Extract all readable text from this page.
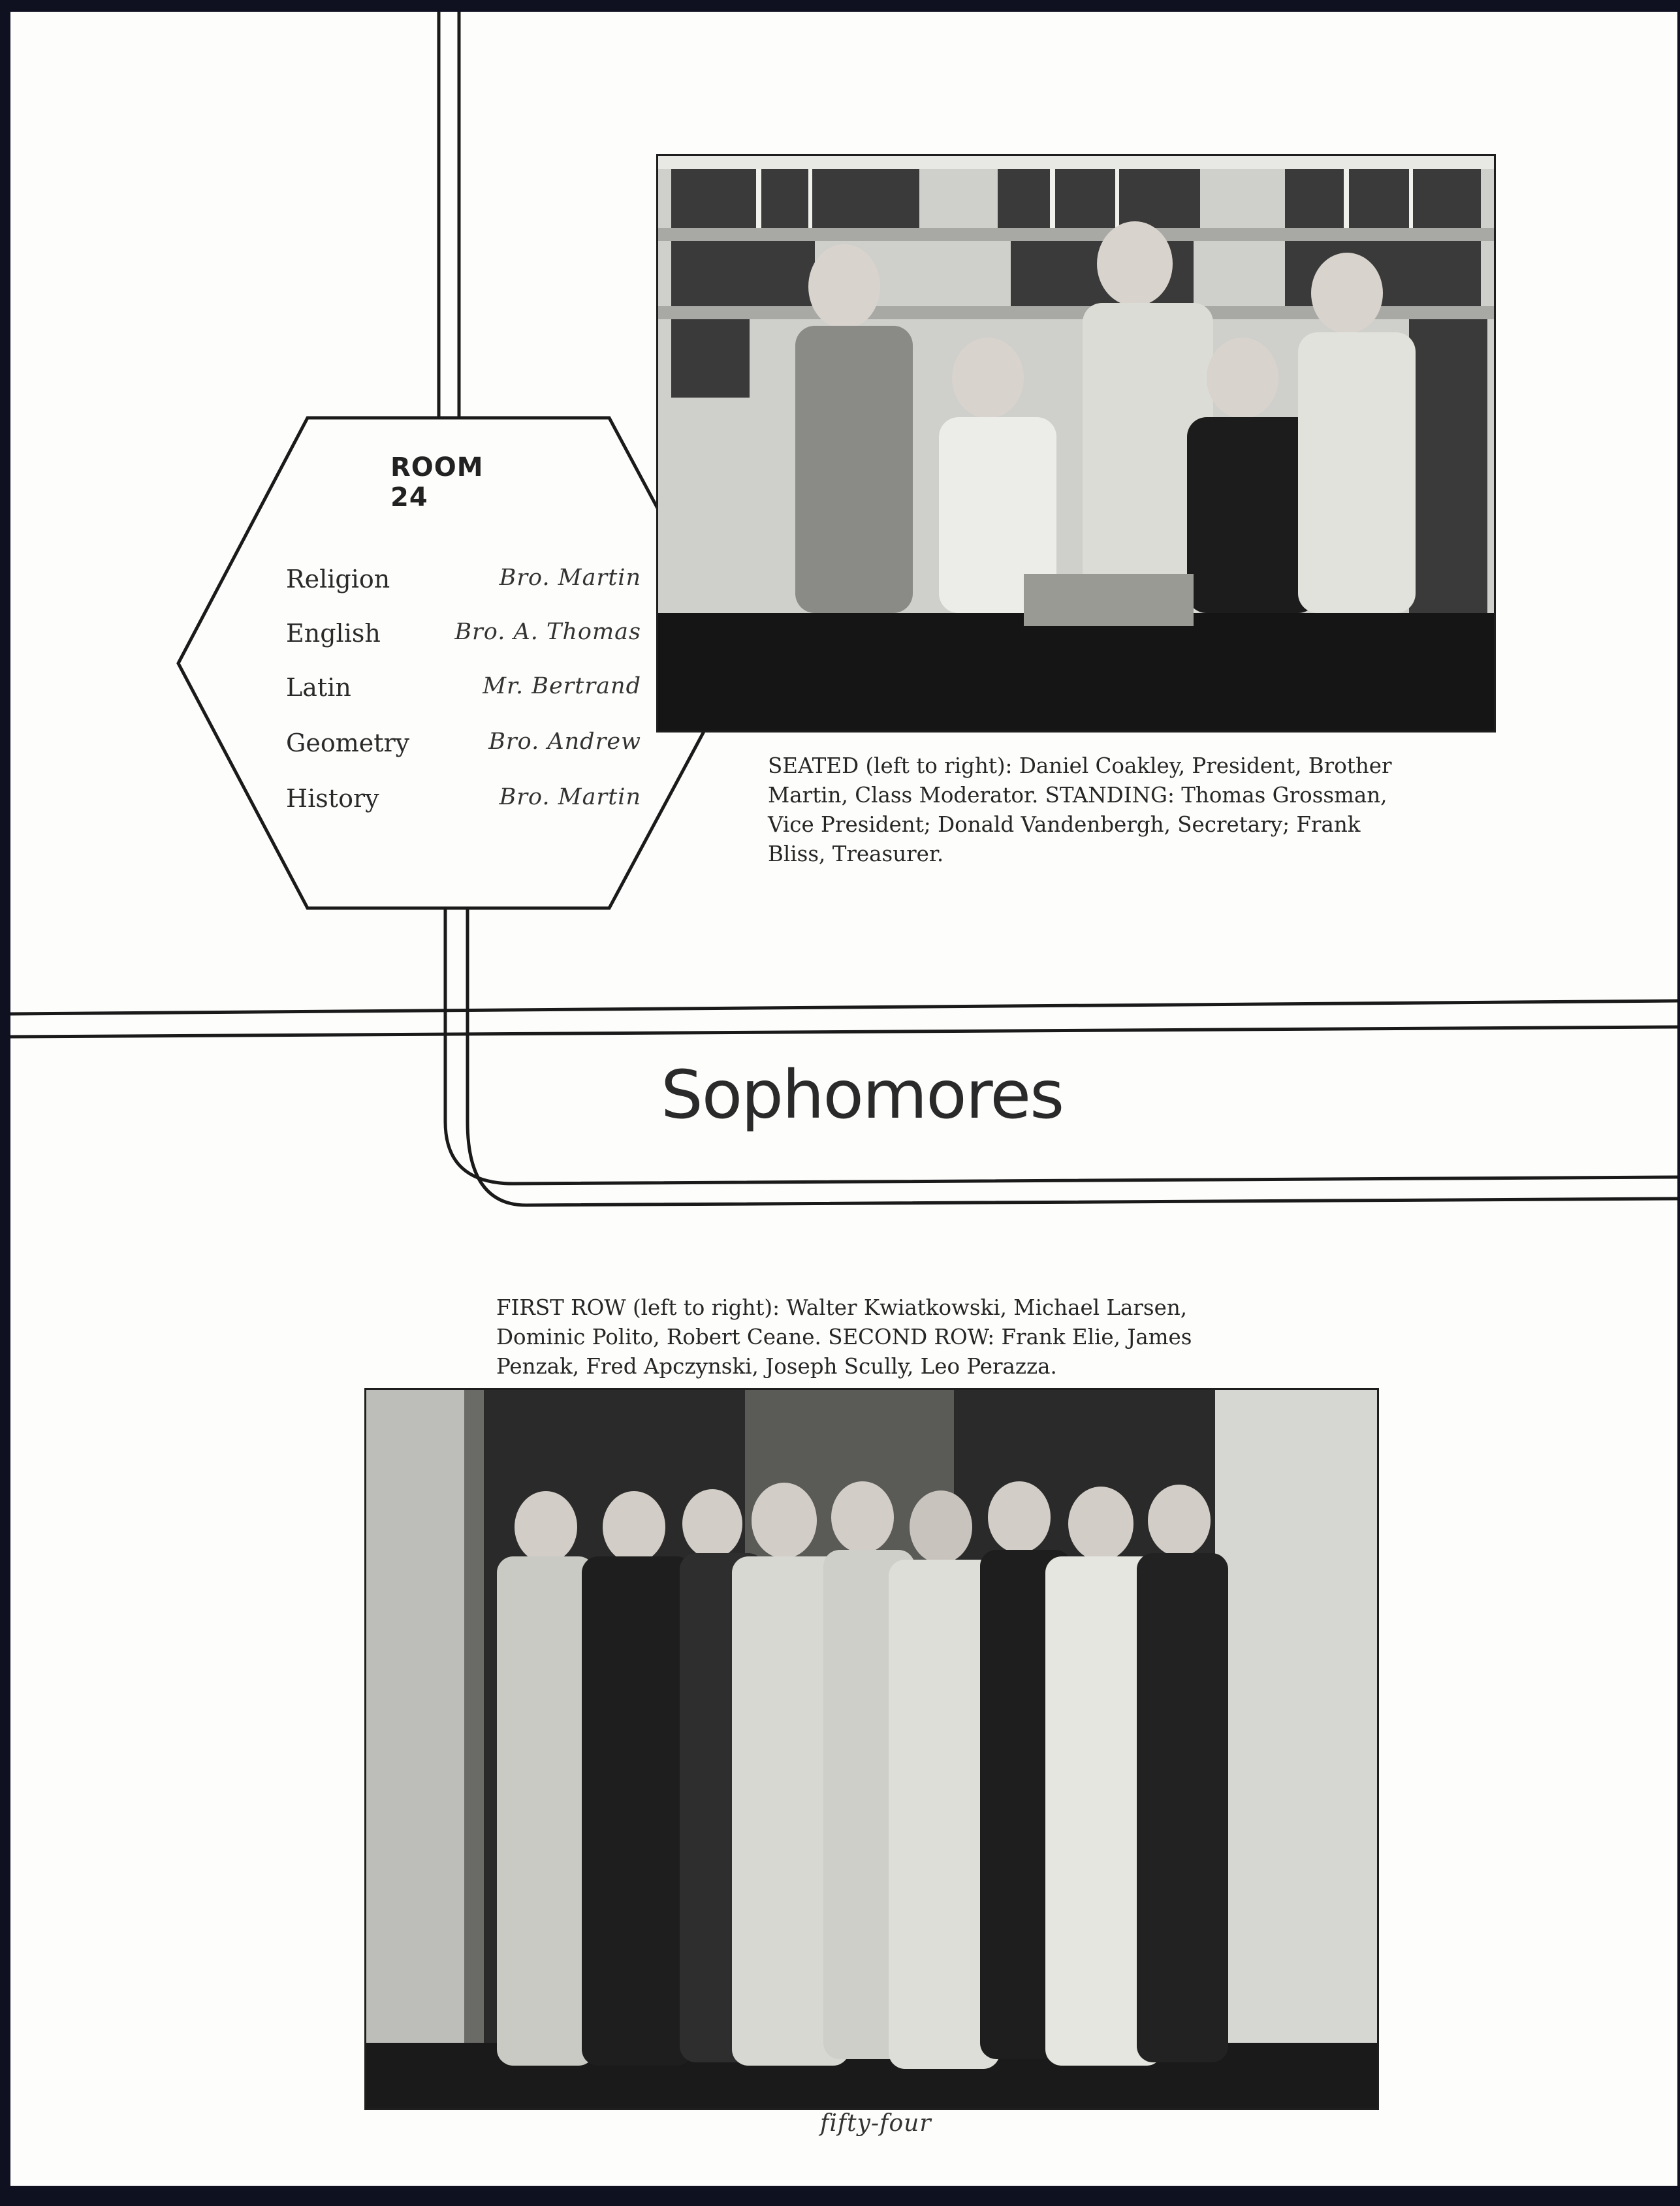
ROOM 24
Religion	Bro. Martin
English	Bro. A. Thomas
Latin	Mr. Bertrand
Geometry	Bro. Andrew
History	Bro. Martin
SEATED (left to right): Daniel Coakley, President, Brother
Martin, Class Moderator. STANDING: Thomas Grossman,
Vice President; Donald Vandenbergh, Secretary; Frank
Bliss, Treasurer.
Sophomores
FIRST ROW (left to right): Walter Kwiatkowski, Michael Larsen,
Dominic Polito, Robert Ceane. SECOND ROW: Frank Elie, James
Penzak, Fred Apczynski, Joseph Scully, Leo Perazza.
fifty-four
